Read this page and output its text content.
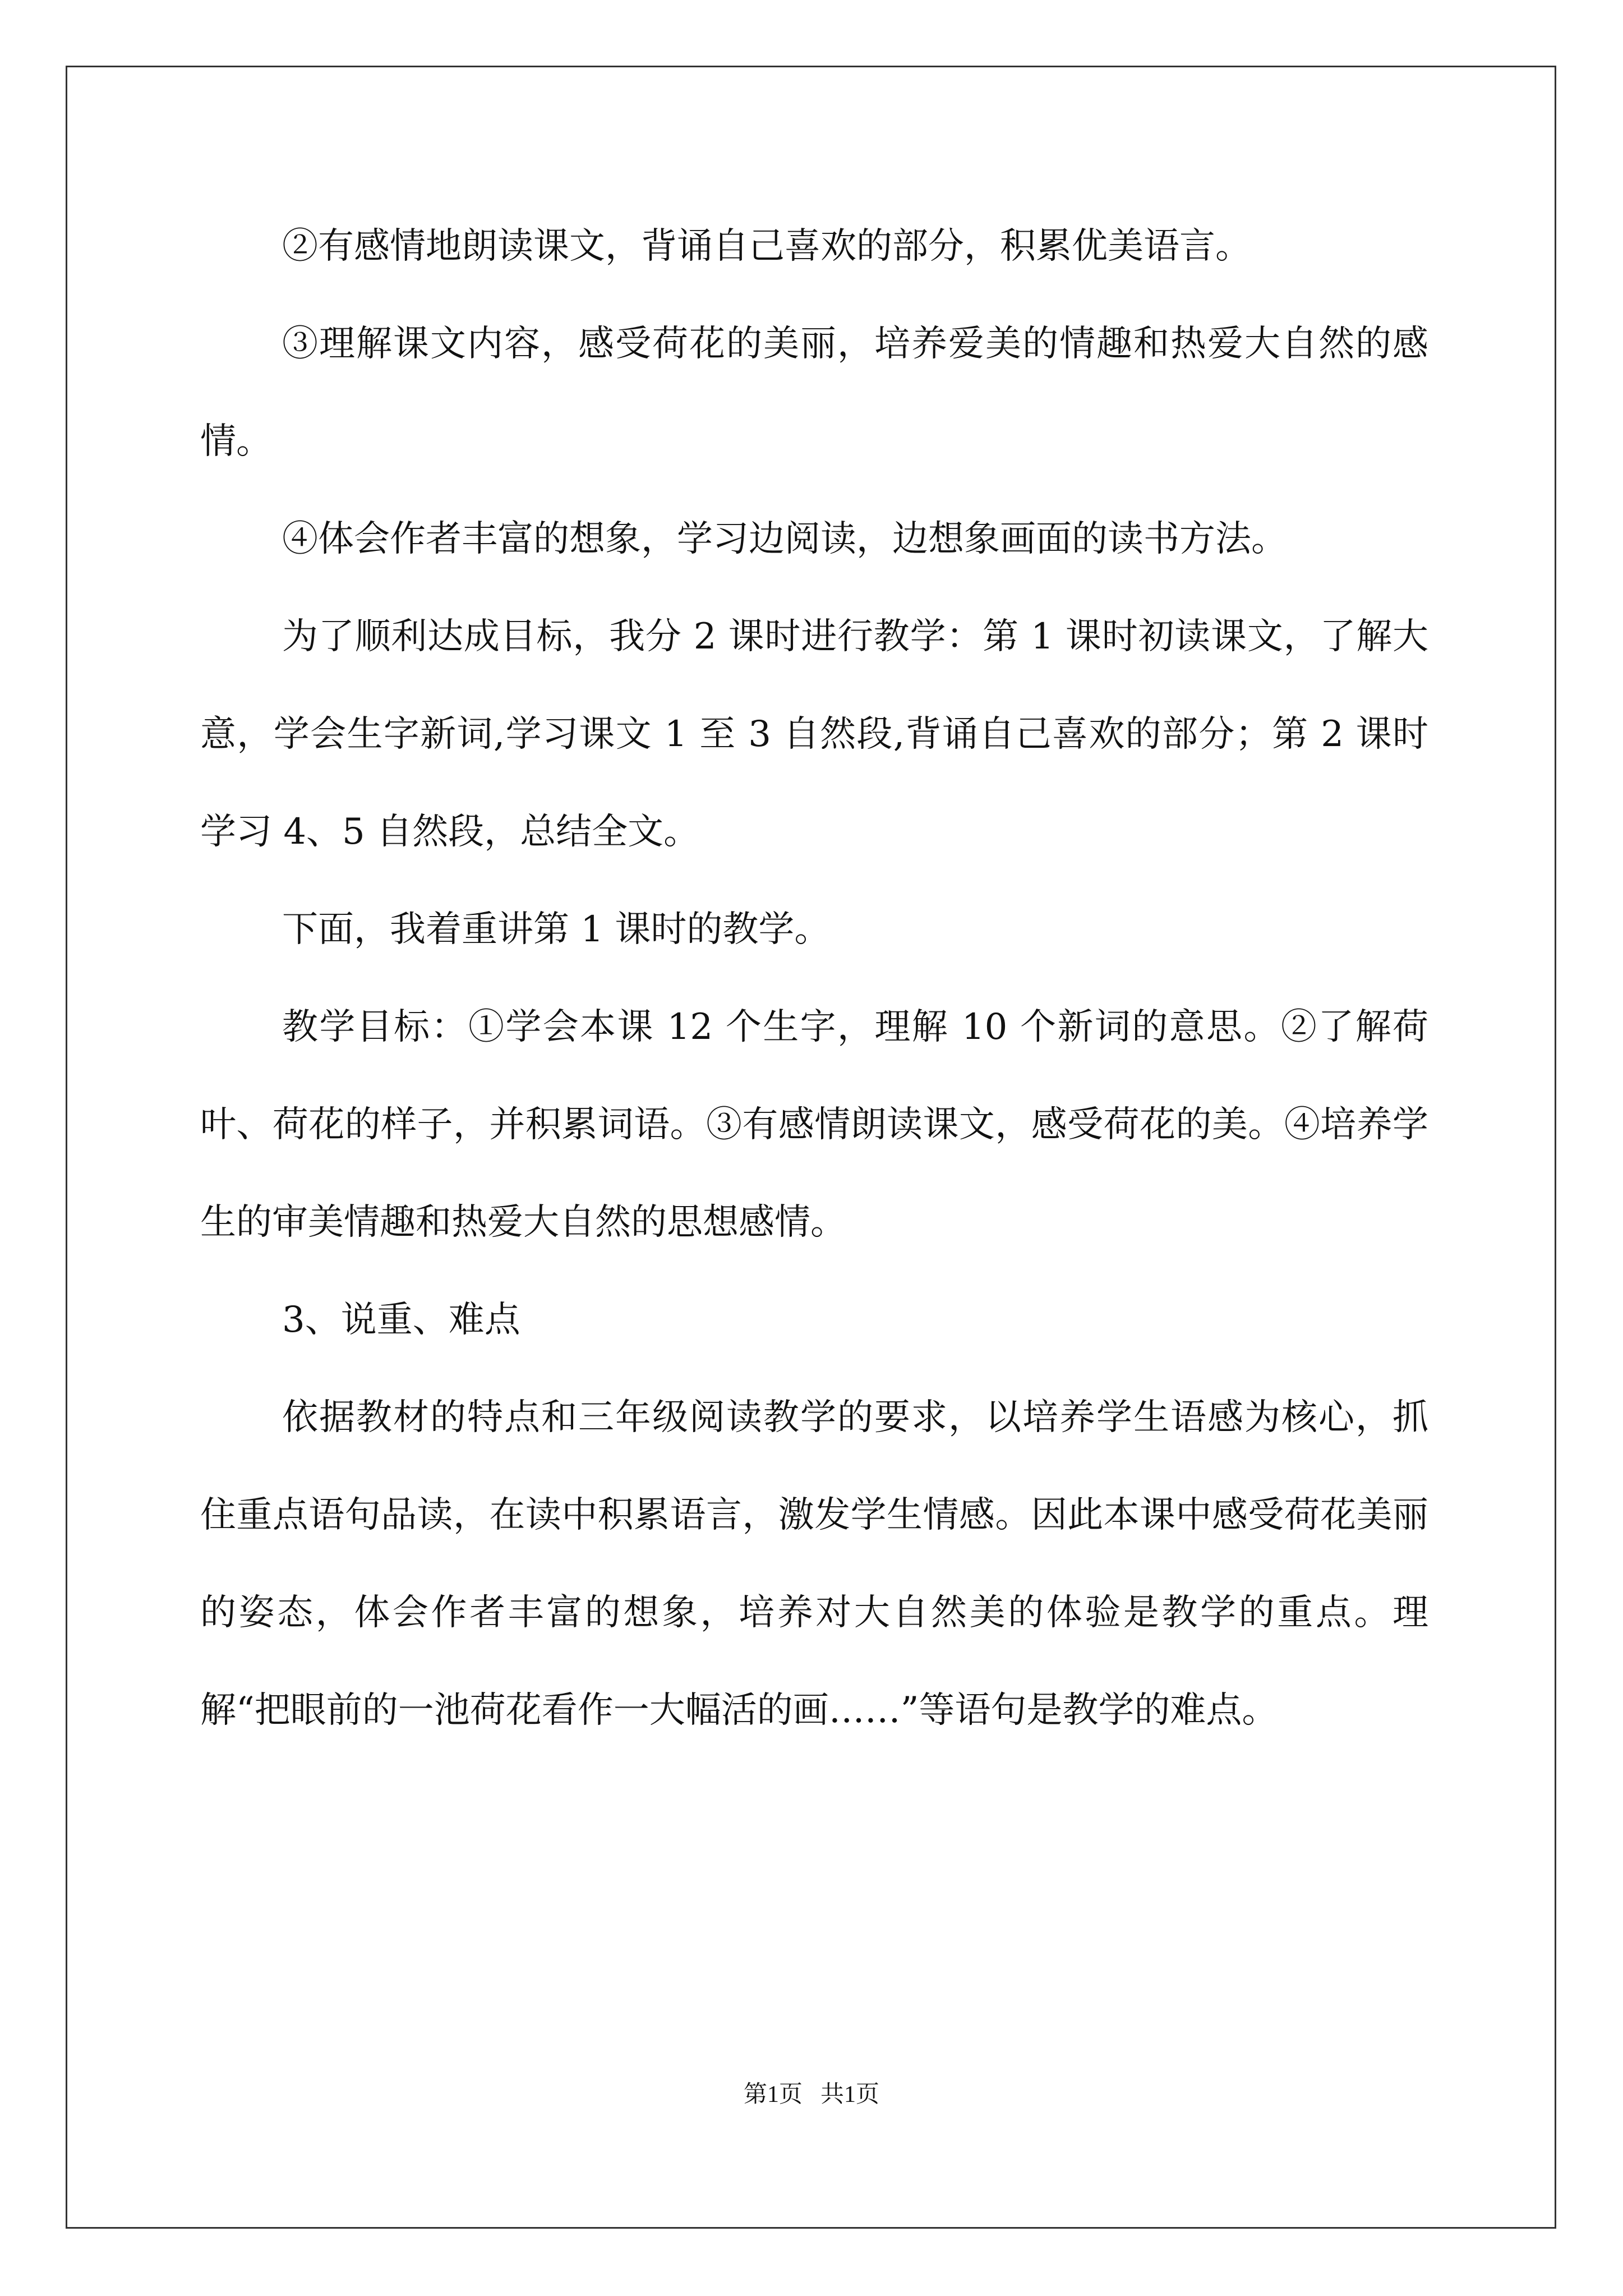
②有感情地朗读课文，背诵自己喜欢的部分，积累优美语言。

③理解课文内容，感受荷花的美丽，培养爱美的情趣和热爱大自然的感情。

④体会作者丰富的想象，学习边阅读，边想象画面的读书方法。

为了顺利达成目标，我分 2 课时进行教学：第 1 课时初读课文，了解大意，学会生字新词,学习课文 1 至 3 自然段,背诵自己喜欢的部分；第 2 课时学习 4、5 自然段，总结全文。

下面，我着重讲第 1 课时的教学。

教学目标：①学会本课 12 个生字，理解 10 个新词的意思。②了解荷叶、荷花的样子，并积累词语。③有感情朗读课文，感受荷花的美。④培养学生的审美情趣和热爱大自然的思想感情。

3、说重、难点

依据教材的特点和三年级阅读教学的要求，以培养学生语感为核心，抓住重点语句品读，在读中积累语言，激发学生情感。因此本课中感受荷花美丽的姿态，体会作者丰富的想象，培养对大自然美的体验是教学的重点。理解“把眼前的一池荷花看作一大幅活的画……”等语句是教学的难点。

第1页 共1页
